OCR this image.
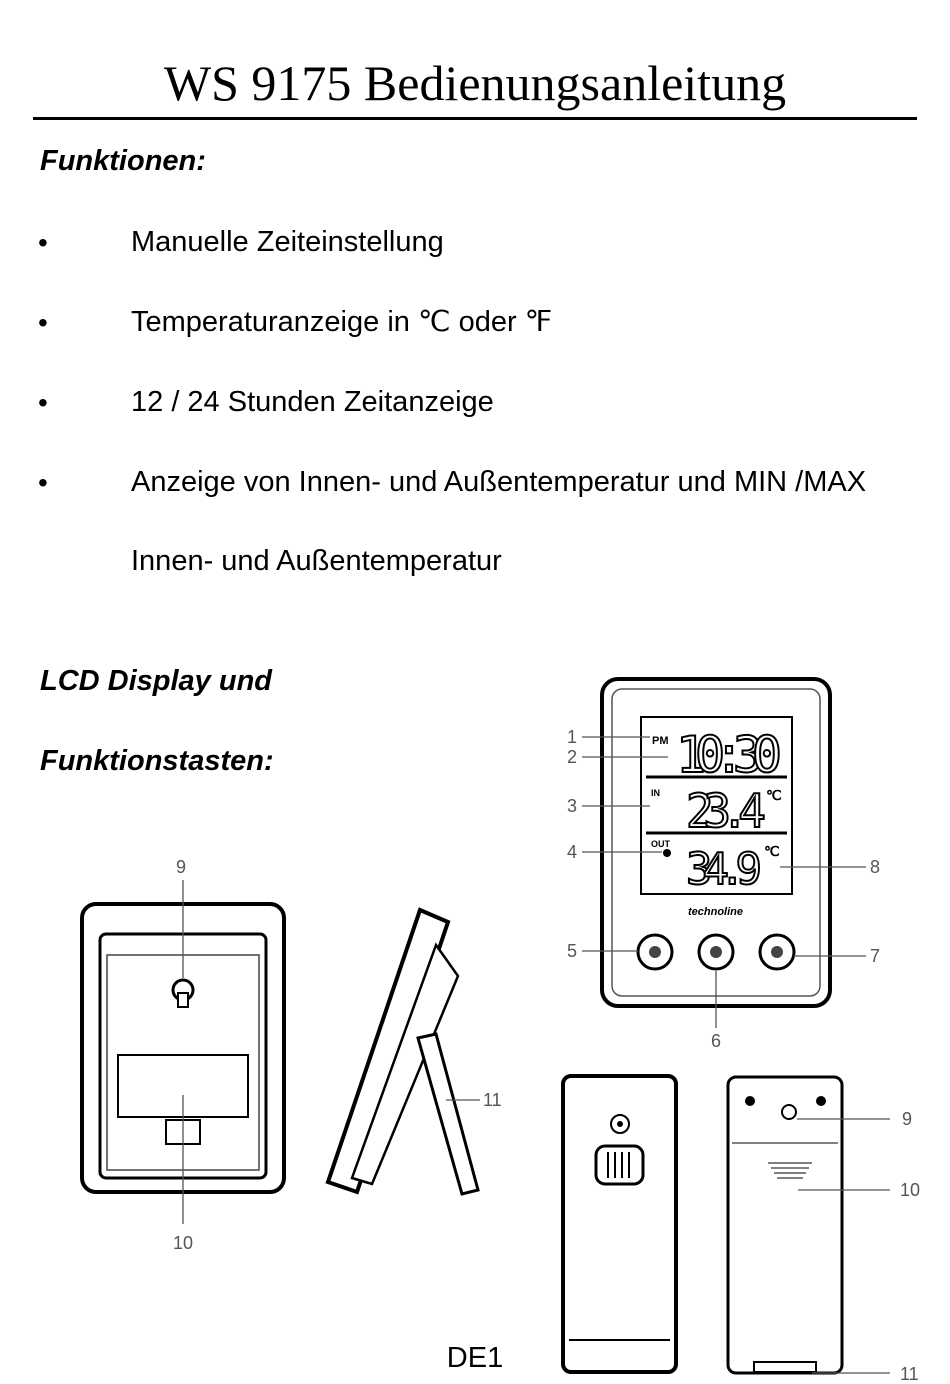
WS 9175 Bedienungsanleitung
Funktionen:
•	Manuelle Zeiteinstellung
•	Temperaturanzeige in ℃ oder ℉
•	12 / 24 Stunden Zeitanzeige
•	Anzeige von Innen- und Außentemperatur und MIN /MAX
Innen- und Außentemperatur
LCD Display und
Funktionstasten:
PM 10:30
IN 23.4 ℃
OUT 34.9 ℃
technoline
1
2
3
4
5
6
7
8
9
10
11
9
10
11
DE1
